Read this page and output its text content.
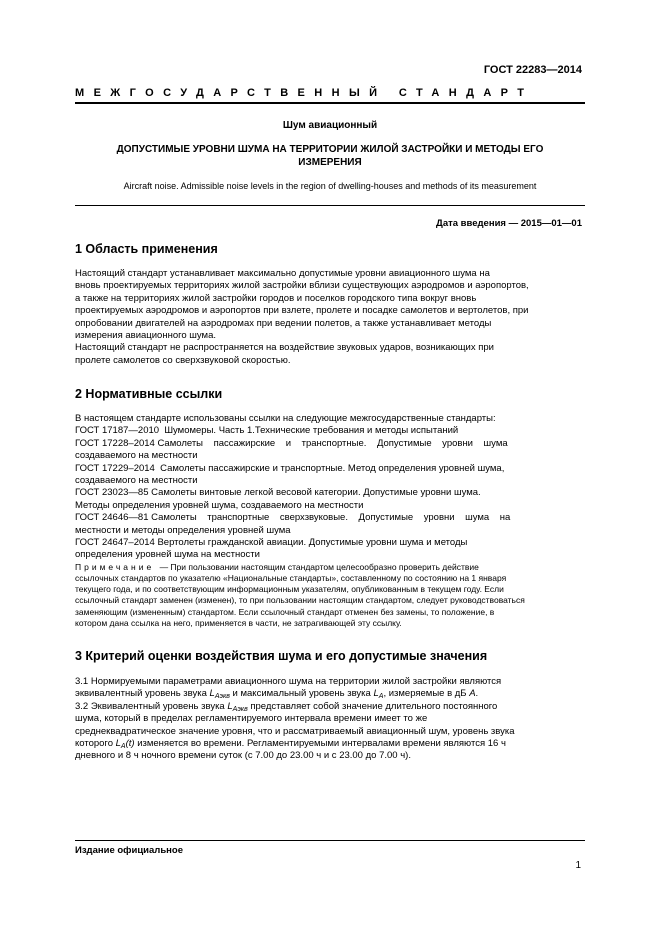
ГОСТ 22283—2014
МЕЖГОСУДАРСТВЕННЫЙ СТАНДАРТ
Шум авиационный
ДОПУСТИМЫЕ УРОВНИ ШУМА НА ТЕРРИТОРИИ ЖИЛОЙ ЗАСТРОЙКИ И МЕТОДЫ ЕГО
ИЗМЕРЕНИЯ
Aircraft noise. Admissible noise levels in the region of dwelling-houses and methods of its measurement
Дата введения — 2015—01—01
1 Область применения
2 Нормативные ссылки
3 Критерий оценки воздействия шума и его допустимые значения
Настоящий стандарт устанавливает максимально допустимые уровни авиационного шума на
вновь проектируемых территориях жилой застройки вблизи существующих аэродромов и аэропортов,
а также на территориях жилой застройки городов и поселков городского типа вокруг вновь
проектируемых аэродромов и аэропортов при взлете, пролете и посадке самолетов и вертолетов, при
опробовании двигателей на аэродромах при ведении полетов, а также устанавливает методы
измерения авиационного шума.
Настоящий стандарт не распространяется на воздействие звуковых ударов, возникающих при
пролете самолетов со сверхзвуковой скоростью.
В настоящем стандарте использованы ссылки на следующие межгосударственные стандарты:
ГОСТ 17187—2010  Шумомеры. Часть 1.Технические требования и методы испытаний
ГОСТ 17228–2014 Самолеты    пассажирские    и    транспортные.    Допустимые    уровни    шума
создаваемого на местности
ГОСТ 17229–2014  Самолеты пассажирские и транспортные. Метод определения уровней шума,
создаваемого на местности
ГОСТ 23023—85 Самолеты винтовые легкой весовой категории. Допустимые уровни шума.
Методы определения уровней шума, создаваемого на местности
ГОСТ 24646—81 Самолеты    транспортные    сверхзвуковые.    Допустимые    уровни    шума    на
местности и методы определения уровней шума
ГОСТ 24647–2014 Вертолеты гражданской авиации. Допустимые уровни шума и методы
определения уровней шума на местности
Примечание — При пользовании настоящим стандартом целесообразно проверить действие
ссылочных стандартов по указателю «Национальные стандарты», составленному по состоянию на 1 января
текущего года, и по соответствующим информационным указателям, опубликованным в текущем году. Если
ссылочный стандарт заменен (изменен), то при пользовании настоящим стандартом, следует руководствоваться
заменяющим (измененным) стандартом. Если ссылочный стандарт отменен без замены, то положение, в
котором дана ссылка на него, применяется в части, не затрагивающей эту ссылку.
3.1 Нормируемыми параметрами авиационного шума на территории жилой застройки являются
эквивалентный уровень звука $L_{Аэкв}$ и максимальный уровень звука $L_А$, измеряемые в дБ А.
3.2 Эквивалентный уровень звука $L_{Аэкв}$ представляет собой значение длительного постоянного
шума, который в пределах регламентируемого интервала времени имеет то же
среднеквадратическое значение уровня, что и рассматриваемый авиационный шум, уровень звука
которого $L_А(t)$ изменяется во времени. Регламентируемыми интервалами времени являются 16 ч
дневного и 8 ч ночного времени суток (с 7.00 до 23.00 ч и с 23.00 до 7.00 ч).
Издание официальное
1
